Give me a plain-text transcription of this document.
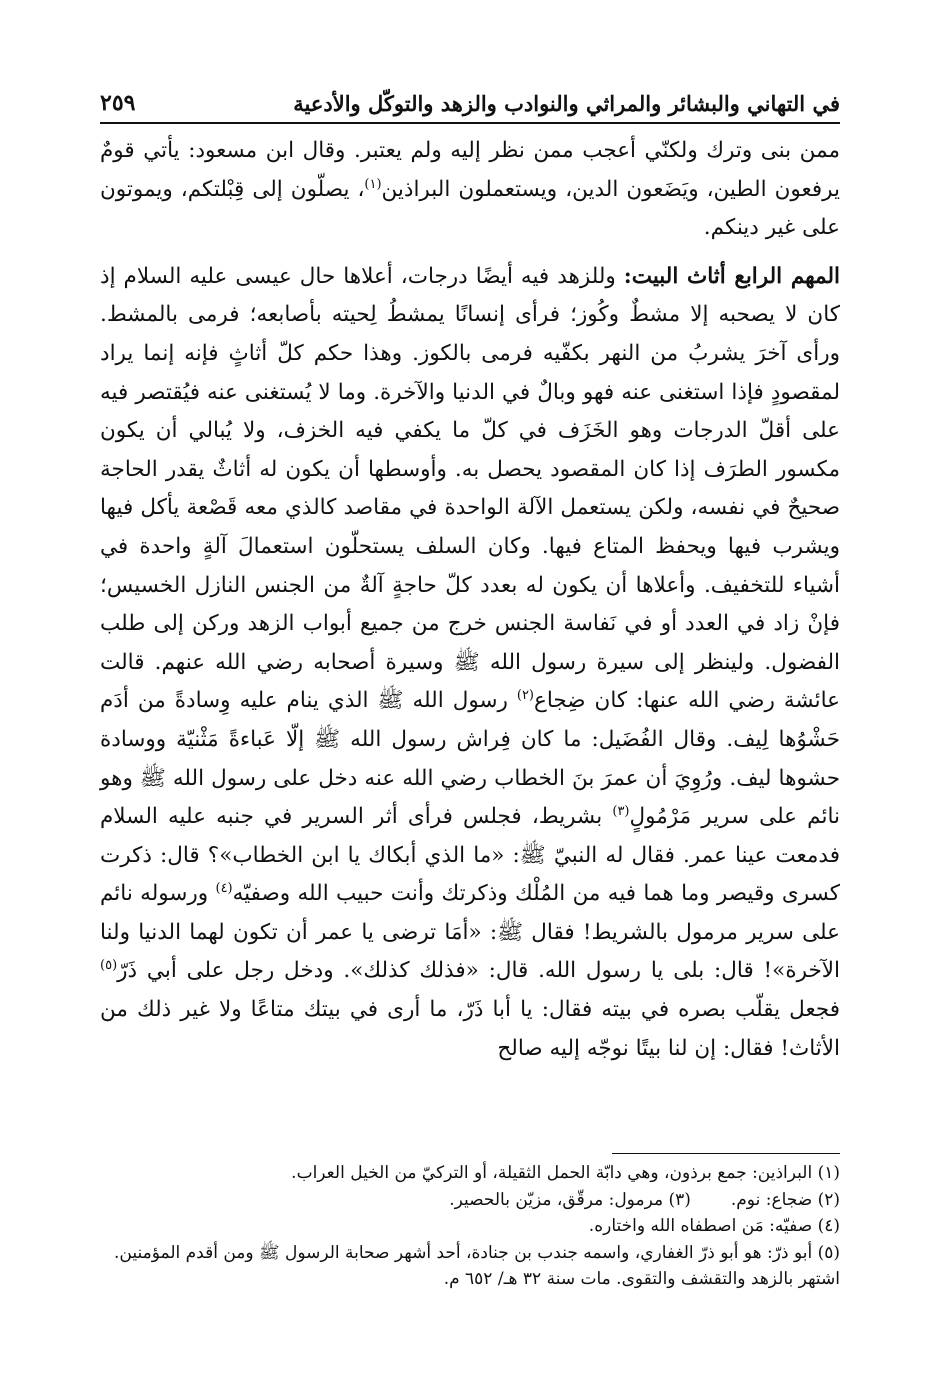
في التهاني والبشائر والمراثي والنوادب والزهد والتوكّل والأدعية
٢٥٩

ممن بنى وترك ولكنّي أعجب ممن نظر إليه ولم يعتبر. وقال ابن مسعود: يأتي قومٌ يرفعون الطين، ويَضَعون الدين، ويستعملون البراذين$^{(١)}$، يصلّون إلى قِبْلتكم، ويموتون على غير دينكم.

المهم الرابع أثاث البيت: وللزهد فيه أيضًا درجات، أعلاها حال عيسى عليه السلام إذ كان لا يصحبه إلا مشطٌ وكُوز؛ فرأى إنسانًا يمشطُ لِحيته بأصابعه؛ فرمى بالمشط. ورأى آخرَ يشربُ من النهر بكفّيه فرمى بالكوز. وهذا حكم كلّ أثاثٍ فإنه إنما يراد لمقصودٍ فإذا استغنى عنه فهو وبالٌ في الدنيا والآخرة. وما لا يُستغنى عنه فيُقتصر فيه على أقلّ الدرجات وهو الخَزَف في كلّ ما يكفي فيه الخزف، ولا يُبالي أن يكون مكسور الطرَف إذا كان المقصود يحصل به. وأوسطها أن يكون له أثاثٌ يقدر الحاجة صحيحٌ في نفسه، ولكن يستعمل الآلة الواحدة في مقاصد كالذي معه قَصْعة يأكل فيها ويشرب فيها ويحفظ المتاع فيها. وكان السلف يستحلّون استعمالَ آلةٍ واحدة في أشياء للتخفيف. وأعلاها أن يكون له بعدد كلّ حاجةٍ آلةٌ من الجنس النازل الخسيس؛ فإنْ زاد في العدد أو في نَفاسة الجنس خرج من جميع أبواب الزهد وركن إلى طلب الفضول. ولينظر إلى سيرة رسول الله ﷺ وسيرة أصحابه رضي الله عنهم. قالت عائشة رضي الله عنها: كان ضِجاع$^{(٢)}$ رسول الله ﷺ الذي ينام عليه وِسادةً من أدَم حَشْوُها لِيف. وقال الفُضَيل: ما كان فِراش رسول الله ﷺ إلّا عَباءةً مَثْنيّة ووسادة حشوها ليف. ورُوِيَ أن عمرَ بنَ الخطاب رضي الله عنه دخل على رسول الله ﷺ وهو نائم على سرير مَرْمُولٍ$^{(٣)}$ بشريط، فجلس فرأى أثر السرير في جنبه عليه السلام فدمعت عينا عمر. فقال له النبيّ ﷺ: «ما الذي أبكاك يا ابن الخطاب»؟ قال: ذكرت كسرى وقيصر وما هما فيه من المُلْك وذكرتك وأنت حبيب الله وصفيّه$^{(٤)}$ ورسوله نائم على سرير مرمول بالشريط! فقال ﷺ: «أمَا ترضى يا عمر أن تكون لهما الدنيا ولنا الآخرة»! قال: بلى يا رسول الله. قال: «فذلك كذلك». ودخل رجل على أبي ذَرّ$^{(٥)}$ فجعل يقلّب بصره في بيته فقال: يا أبا ذَرّ، ما أرى في بيتك متاعًا ولا غير ذلك من الأثاث! فقال: إن لنا بيتًا نوجّه إليه صالح

(١) البراذين: جمع برذون، وهي دابّة الحمل الثقيلة، أو التركيّ من الخيل العراب.

(٢) ضجاع: نوم.
(٣) مرمول: مرقّق، مزيّن بالحصير.

(٤) صفيّه: مَن اصطفاه الله واختاره.

(٥) أبو ذرّ: هو أبو ذرّ الغفاري، واسمه جندب بن جنادة، أحد أشهر صحابة الرسول ﷺ ومن أقدم المؤمنين. اشتهر بالزهد والتقشف والتقوى. مات سنة ٣٢ هـ/ ٦٥٢ م.
